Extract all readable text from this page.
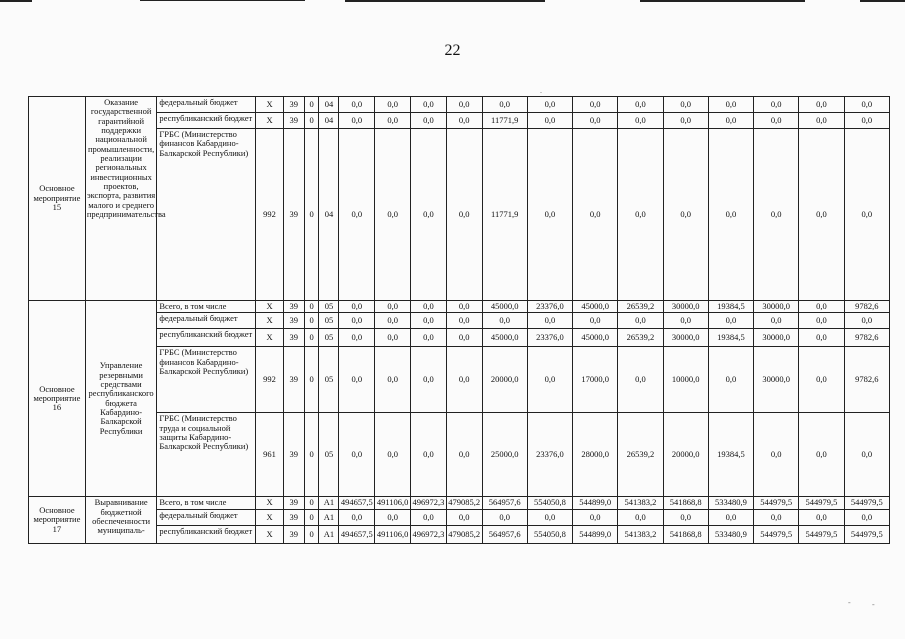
22
Основное мероприятие 15	Оказание государственной гарантийной поддержки национальной промышленности, реализации региональных инвестиционных проектов, экспорта, развития малого и среднего предпринимательства	федеральный бюджет	X	39	0	04	0,0	0,0	0,0	0,0	0,0	0,0	0,0	0,0	0,0	0,0	0,0	0,0	0,0
		республиканский бюджет	X	39	0	04	0,0	0,0	0,0	0,0	11771,9	0,0	0,0	0,0	0,0	0,0	0,0	0,0	0,0
		ГРБС (Министерство финансов Кабардино-Балкарской Республики)	992	39	0	04	0,0	0,0	0,0	0,0	11771,9	0,0	0,0	0,0	0,0	0,0	0,0	0,0	0,0
Основное мероприятие 16	Управление резервными средствами республиканского бюджета Кабардино-Балкарской Республики	Всего, в том числе	X	39	0	05	0,0	0,0	0,0	0,0	45000,0	23376,0	45000,0	26539,2	30000,0	19384,5	30000,0	0,0	9782,6
		федеральный бюджет	X	39	0	05	0,0	0,0	0,0	0,0	0,0	0,0	0,0	0,0	0,0	0,0	0,0	0,0	0,0
		республиканский бюджет	X	39	0	05	0,0	0,0	0,0	0,0	45000,0	23376,0	45000,0	26539,2	30000,0	19384,5	30000,0	0,0	9782,6
		ГРБС (Министерство финансов Кабардино-Балкарской Республики)	992	39	0	05	0,0	0,0	0,0	0,0	20000,0	0,0	17000,0	0,0	10000,0	0,0	30000,0	0,0	9782,6
		ГРБС (Министерство труда и социальной защиты Кабардино-Балкарской Республики)	961	39	0	05	0,0	0,0	0,0	0,0	25000,0	23376,0	28000,0	26539,2	20000,0	19384,5	0,0	0,0	0,0
Основное мероприятие 17	Выравнивание бюджетной обеспеченности муниципаль-	Всего, в том числе	X	39	0	A1	494657,5	491106,0	496972,3	479085,2	564957,6	554050,8	544899,0	541383,2	541868,8	533480,9	544979,5	544979,5	544979,5
		федеральный бюджет	X	39	0	A1	0,0	0,0	0,0	0,0	0,0	0,0	0,0	0,0	0,0	0,0	0,0	0,0	0,0
		республиканский бюджет	X	39	0	A1	494657,5	491106,0	496972,3	479085,2	564957,6	554050,8	544899,0	541383,2	541868,8	533480,9	544979,5	544979,5	544979,5
-	-
.
